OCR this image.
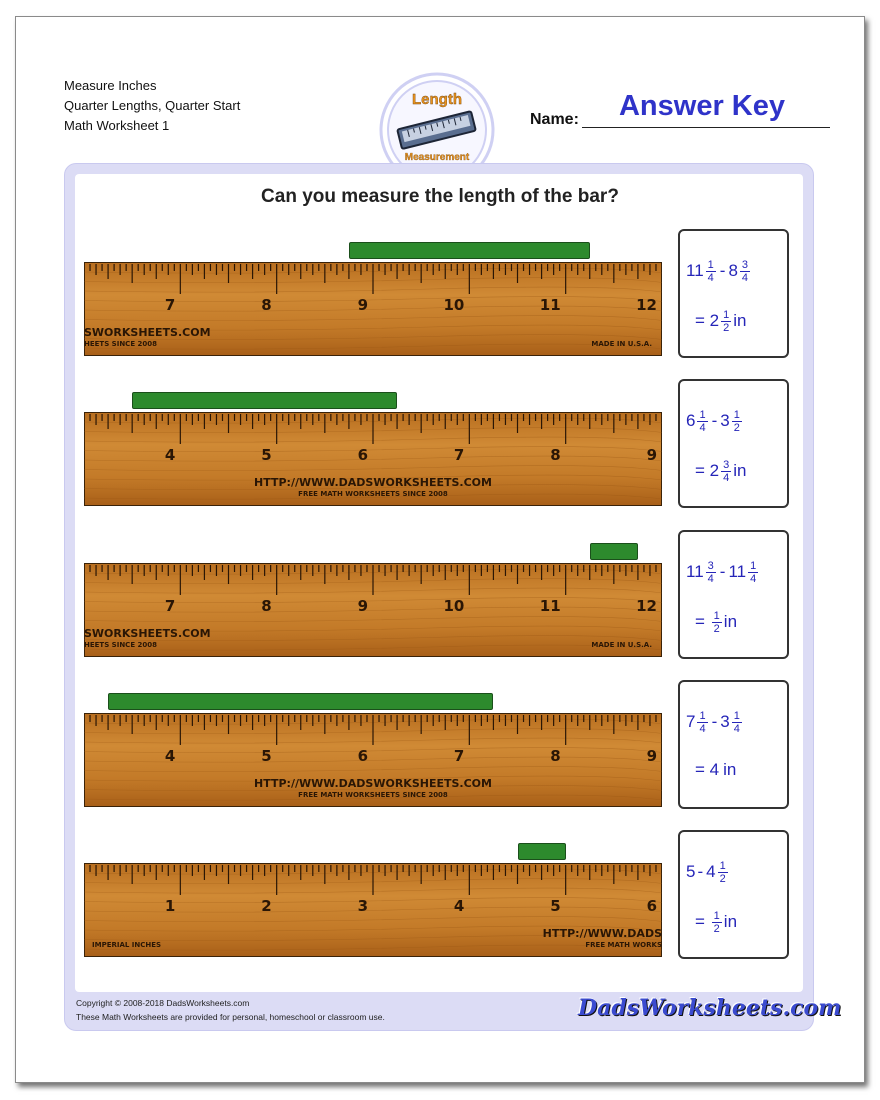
Measure Inches
Quarter Lengths, Quarter Start
Math Worksheet 1
Length
Measurement
Name:	Answer Key
Can you measure the length of the bar?
7	8	9	10	11	12
SWORKSHEETS.COM
HEETS SINCE 2008	MADE IN U.S.A.
$11 \frac{1}{4} - 8 \frac{3}{4}$
= $2 \frac{1}{2}$ in
4	5	6	7	8	9
HTTP://WWW.DADSWORKSHEETS.COM
FREE MATH WORKSHEETS SINCE 2008
$6 \frac{1}{4} - 3 \frac{1}{2}$
= $2 \frac{3}{4}$ in
7	8	9	10	11	12
SWORKSHEETS.COM
HEETS SINCE 2008	MADE IN U.S.A.
$11 \frac{3}{4} - 11 \frac{1}{4}$
= $\frac{1}{2}$ in
4	5	6	7	8	9
HTTP://WWW.DADSWORKSHEETS.COM
FREE MATH WORKSHEETS SINCE 2008
$7 \frac{1}{4} - 3 \frac{1}{4}$
= 4 in
1	2	3	4	5	6
IMPERIAL INCHES
HTTP://WWW.DADS
FREE MATH WORKS
$5 - 4 \frac{1}{2}$
= $\frac{1}{2}$ in
Copyright © 2008-2018 DadsWorksheets.com
These Math Worksheets are provided for personal, homeschool or classroom use.	DadsWorksheets.com
